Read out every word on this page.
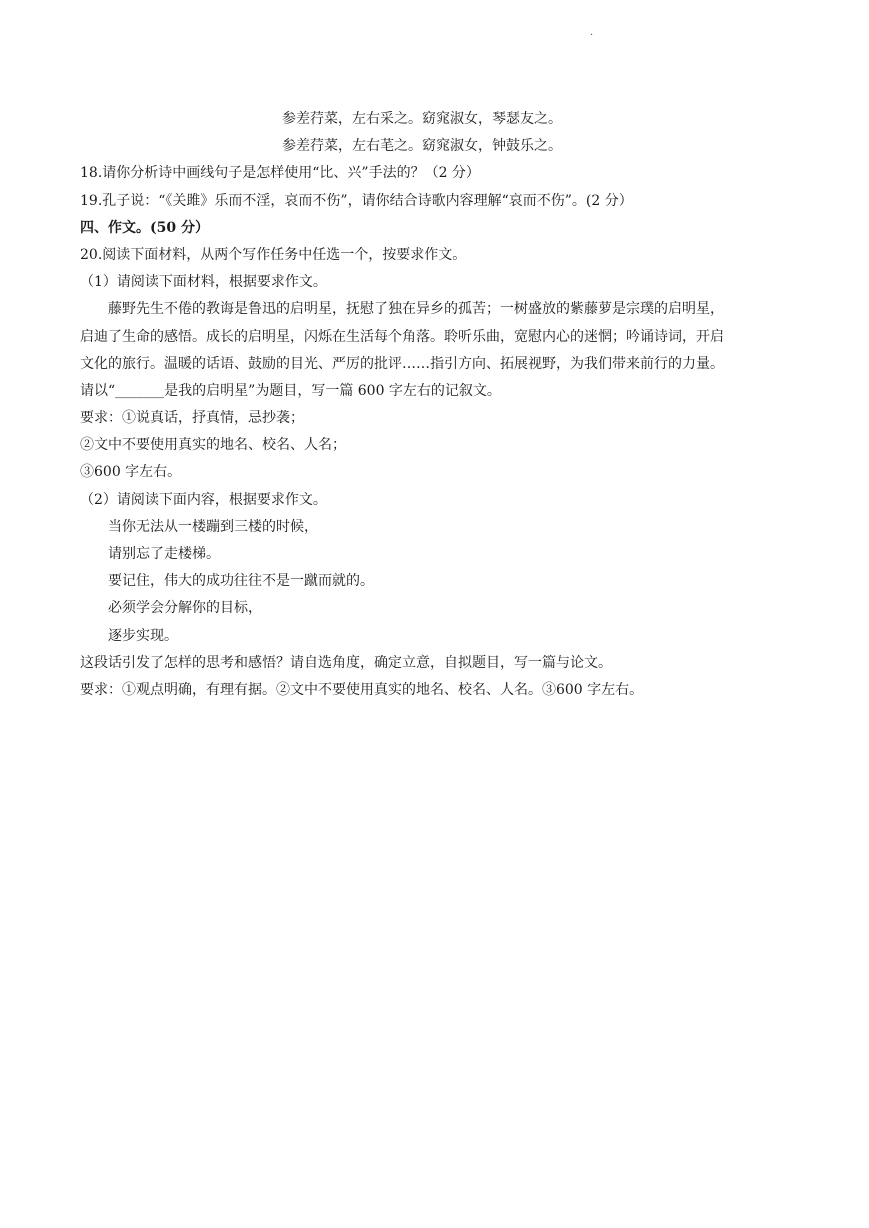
·
参差荇菜，左右采之。窈窕淑女，琴瑟友之。
参差荇菜，左右芼之。窈窕淑女，钟鼓乐之。
18.请你分析诗中画线句子是怎样使用“比、兴”手法的？（2 分）
19.孔子说：“《关雎》乐而不淫，哀而不伤”，请你结合诗歌内容理解“哀而不伤”。(2 分）
四、作文。(50 分）
20.阅读下面材料，从两个写作任务中任选一个，按要求作文。
（1）请阅读下面材料，根据要求作文。
藤野先生不倦的教诲是鲁迅的启明星，抚慰了独在异乡的孤苦；一树盛放的紫藤萝是宗璞的启明星，
启迪了生命的感悟。成长的启明星，闪烁在生活每个角落。聆听乐曲，宽慰内心的迷惘；吟诵诗词，开启
文化的旅行。温暖的话语、鼓励的目光、严厉的批评……指引方向、拓展视野，为我们带来前行的力量。
请以“_______是我的启明星”为题目，写一篇 600 字左右的记叙文。
要求：①说真话，抒真情，忌抄袭；
②文中不要使用真实的地名、校名、人名；
③600 字左右。
（2）请阅读下面内容，根据要求作文。
当你无法从一楼蹦到三楼的时候，
请别忘了走楼梯。
要记住，伟大的成功往往不是一蹴而就的。
必须学会分解你的目标，
逐步实现。
这段话引发了怎样的思考和感悟？请自选角度，确定立意，自拟题目，写一篇与论文。
要求：①观点明确，有理有据。②文中不要使用真实的地名、校名、人名。③600 字左右。
